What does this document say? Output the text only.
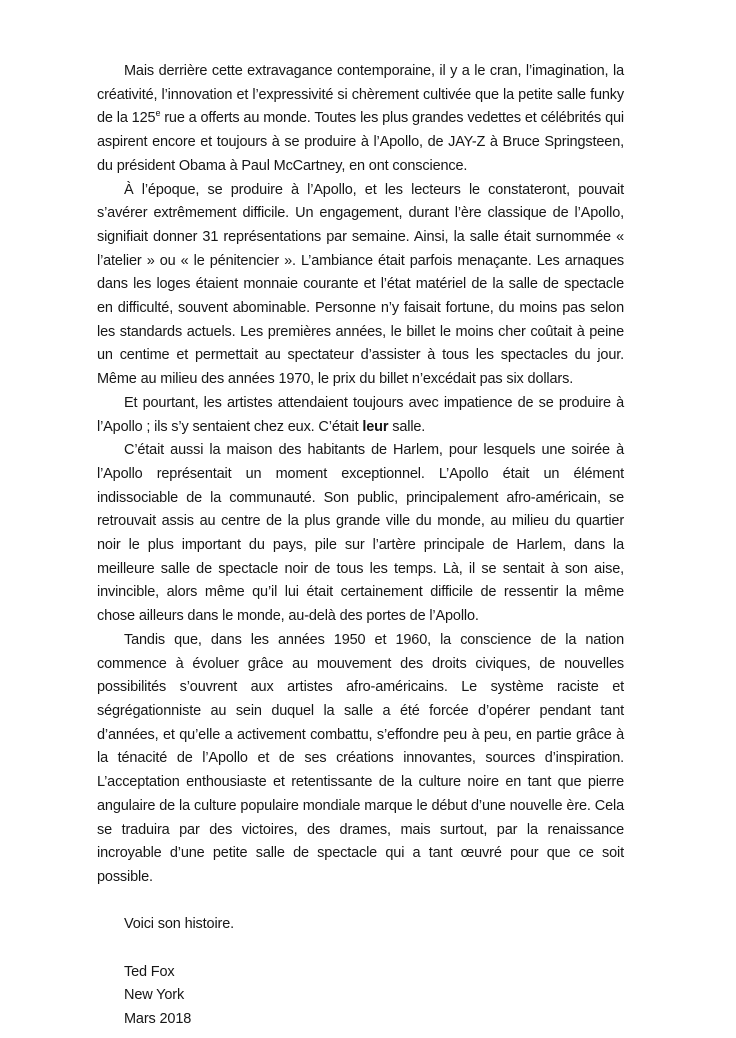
Mais derrière cette extravagance contemporaine, il y a le cran, l’imagination, la créativité, l’innovation et l’expressivité si chèrement cultivée que la petite salle funky de la 125e rue a offerts au monde. Toutes les plus grandes vedettes et célébrités qui aspirent encore et toujours à se produire à l’Apollo, de JAY-Z à Bruce Springsteen, du président Obama à Paul McCartney, en ont conscience.

À l’époque, se produire à l’Apollo, et les lecteurs le constateront, pouvait s’avérer extrêmement difficile. Un engagement, durant l’ère classique de l’Apollo, signifiait donner 31 représentations par semaine. Ainsi, la salle était surnommée « l’atelier » ou « le pénitencier ». L’ambiance était parfois menaçante. Les arnaques dans les loges étaient monnaie courante et l’état matériel de la salle de spectacle en difficulté, souvent abominable. Personne n’y faisait fortune, du moins pas selon les standards actuels. Les premières années, le billet le moins cher coûtait à peine un centime et permettait au spectateur d’assister à tous les spectacles du jour. Même au milieu des années 1970, le prix du billet n’excédait pas six dollars.

Et pourtant, les artistes attendaient toujours avec impatience de se produire à l’Apollo ; ils s’y sentaient chez eux. C’était leur salle.

C’était aussi la maison des habitants de Harlem, pour lesquels une soirée à l’Apollo représentait un moment exceptionnel. L’Apollo était un élément indissociable de la communauté. Son public, principalement afro-américain, se retrouvait assis au centre de la plus grande ville du monde, au milieu du quartier noir le plus important du pays, pile sur l’artère principale de Harlem, dans la meilleure salle de spectacle noir de tous les temps. Là, il se sentait à son aise, invincible, alors même qu’il lui était certainement difficile de ressentir la même chose ailleurs dans le monde, au-delà des portes de l’Apollo.

Tandis que, dans les années 1950 et 1960, la conscience de la nation commence à évoluer grâce au mouvement des droits civiques, de nouvelles possibilités s’ouvrent aux artistes afro-américains. Le système raciste et ségrégationniste au sein duquel la salle a été forcée d’opérer pendant tant d’années, et qu’elle a activement combattu, s’effondre peu à peu, en partie grâce à la ténacité de l’Apollo et de ses créations innovantes, sources d’inspiration. L’acceptation enthousiaste et retentissante de la culture noire en tant que pierre angulaire de la culture populaire mondiale marque le début d’une nouvelle ère. Cela se traduira par des victoires, des drames, mais surtout, par la renaissance incroyable d’une petite salle de spectacle qui a tant œuvré pour que ce soit possible.

Voici son histoire.

Ted Fox

New York

Mars 2018
